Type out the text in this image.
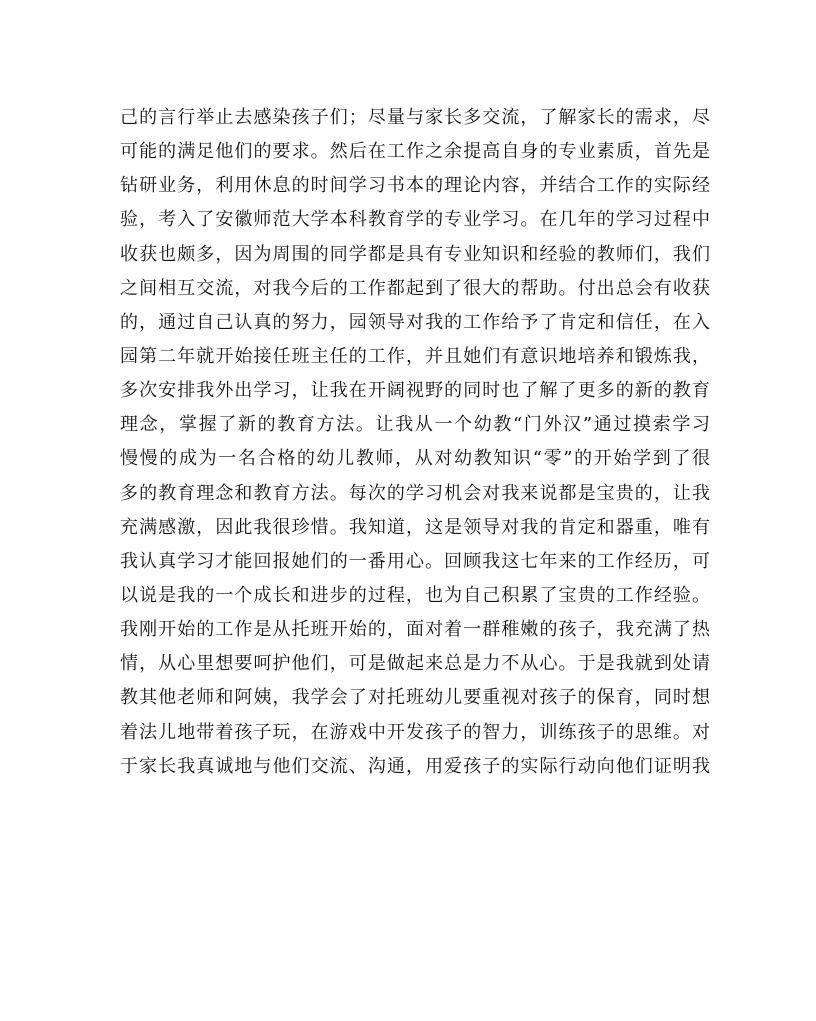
己的言行举止去感染孩子们；尽量与家长多交流，了解家长的需求，尽
可能的满足他们的要求。然后在工作之余提高自身的专业素质，首先是
钻研业务，利用休息的时间学习书本的理论内容，并结合工作的实际经
验，考入了安徽师范大学本科教育学的专业学习。在几年的学习过程中
收获也颇多，因为周围的同学都是具有专业知识和经验的教师们，我们
之间相互交流，对我今后的工作都起到了很大的帮助。付出总会有收获
的，通过自己认真的努力，园领导对我的工作给予了肯定和信任，在入
园第二年就开始接任班主任的工作，并且她们有意识地培养和锻炼我，
多次安排我外出学习，让我在开阔视野的同时也了解了更多的新的教育
理念，掌握了新的教育方法。让我从一个幼教“门外汉”通过摸索学习
慢慢的成为一名合格的幼儿教师，从对幼教知识“零”的开始学到了很
多的教育理念和教育方法。每次的学习机会对我来说都是宝贵的，让我
充满感激，因此我很珍惜。我知道，这是领导对我的肯定和器重，唯有
我认真学习才能回报她们的一番用心。回顾我这七年来的工作经历，可
以说是我的一个成长和进步的过程，也为自己积累了宝贵的工作经验。
我刚开始的工作是从托班开始的，面对着一群稚嫩的孩子，我充满了热
情，从心里想要呵护他们，可是做起来总是力不从心。于是我就到处请
教其他老师和阿姨，我学会了对托班幼儿要重视对孩子的保育，同时想
着法儿地带着孩子玩，在游戏中开发孩子的智力，训练孩子的思维。对
于家长我真诚地与他们交流、沟通，用爱孩子的实际行动向他们证明我
